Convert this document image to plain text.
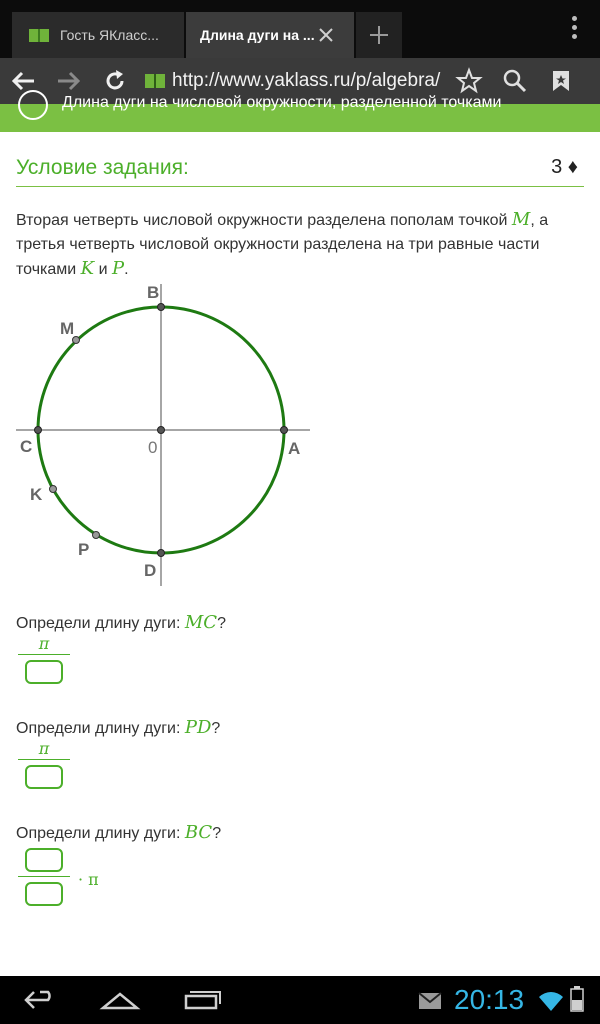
Гость ЯКласс...	Длина дуги на ...
http://www.yaklass.ru/p/algebra/
Длина дуги на числовой окружности, разделенной точками
Условие задания:	3 ♦
Вторая четверть числовой окружности разделена пополам точкой M, а третья четверть числовой окружности разделена на три равные части точками K и P.
B
M
C	0	A
K
P
D
Определи длину дуги: MC?
π
Определи длину дуги: PD?
π
Определи длину дуги: BC?
· π
20:13
